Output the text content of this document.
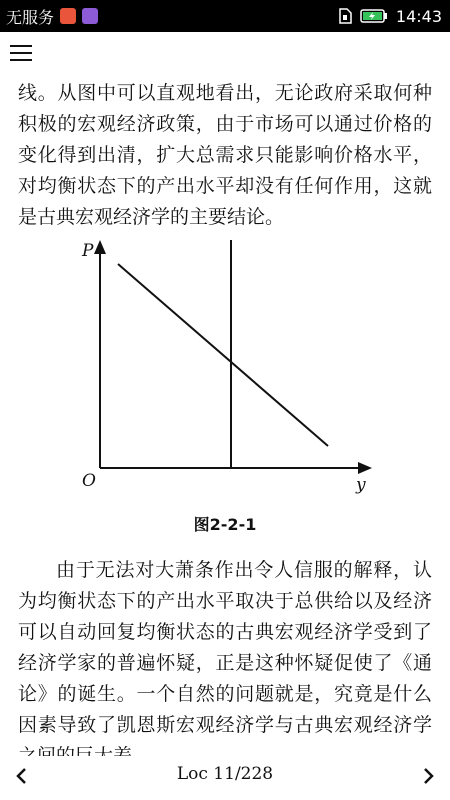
无服务	14:43

线。从图中可以直观地看出，无论政府采取何种积极的宏观经济政策，由于市场可以通过价格的变化得到出清，扩大总需求只能影响价格水平，对均衡状态下的产出水平却没有任何作用，这就是古典宏观经济学的主要结论。

P
O	y
图2-2-1

由于无法对大萧条作出令人信服的解释，认为均衡状态下的产出水平取决于总供给以及经济可以自动回复均衡状态的古典宏观经济学受到了经济学家的普遍怀疑，正是这种怀疑促使了《通论》的诞生。一个自然的问题就是，究竟是什么因素导致了凯恩斯宏观经济学与古典宏观经济学

Loc 11/228
